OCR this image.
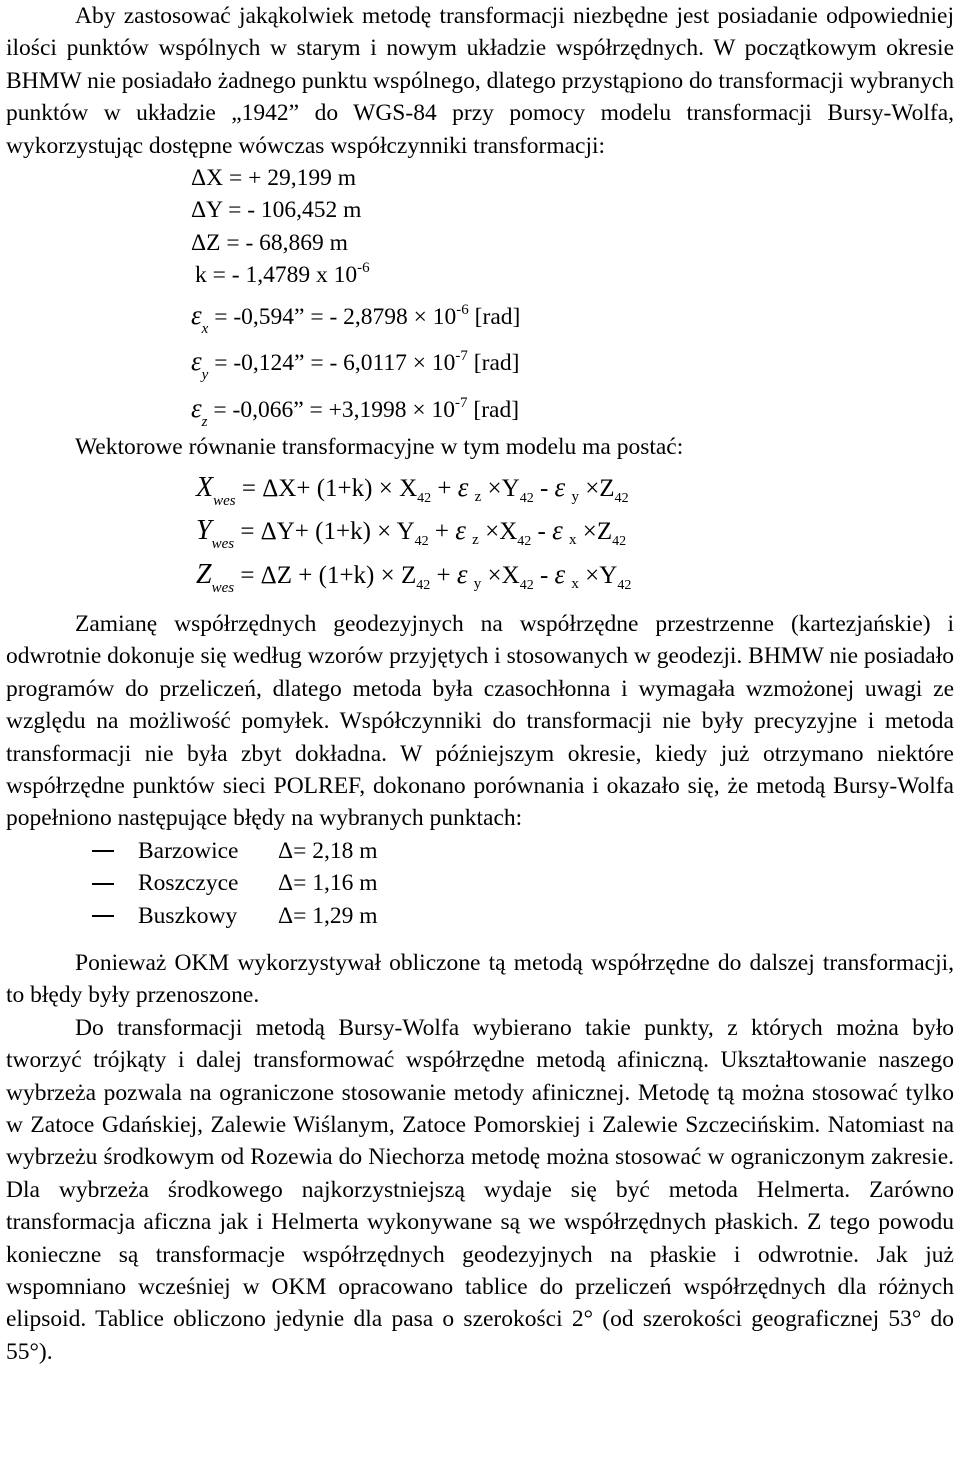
Aby zastosować jakąkolwiek metodę transformacji niezbędne jest posiadanie odpowiedniej ilości punktów wspólnych w starym i nowym układzie współrzędnych. W początkowym okresie BHMW nie posiadało żadnego punktu wspólnego, dlatego przystąpiono do transformacji wybranych punktów w układzie „1942” do WGS-84 przy pomocy modelu transformacji Bursy-Wolfa, wykorzystując dostępne wówczas współczynniki transformacji:

ΔX = + 29,199 m
ΔY = - 106,452 m
ΔZ = - 68,869 m
k = - 1,4789 x $10^{-6}$
$\varepsilon_x = -0,594$” = - $2,8798 \times 10^{-6}$ [rad]
$\varepsilon_y = -0,124$” = - $6,0117 \times 10^{-7}$ [rad]
$\varepsilon_z = -0,066$” = $+3,1998 \times 10^{-7}$ [rad]

Wektorowe równanie transformacyjne w tym modelu ma postać:

$X_{wes} = \Delta X+ (1+k) \times X_{42} + \varepsilon$ $_z \times Y_{42} - \varepsilon$ $_y \times Z_{42}$
$Y_{wes} = \Delta Y+ (1+k) \times Y_{42} + \varepsilon$ $_z \times X_{42} - \varepsilon$ $_x \times Z_{42}$
$Z_{wes} = \Delta Z + (1+k) \times Z_{42} + \varepsilon$ $_y \times X_{42} - \varepsilon$ $_x \times Y_{42}$

Zamianę współrzędnych geodezyjnych na współrzędne przestrzenne (kartezjańskie) i odwrotnie dokonuje się według wzorów przyjętych i stosowanych w geodezji. BHMW nie posiadało programów do przeliczeń, dlatego metoda była czasochłonna i wymagała wzmożonej uwagi ze względu na możliwość pomyłek. Współczynniki do transformacji nie były precyzyjne i metoda transformacji nie była zbyt dokładna. W późniejszym okresie, kiedy już otrzymano niektóre współrzędne punktów sieci POLREF, dokonano porównania i okazało się, że metodą Bursy-Wolfa popełniono następujące błędy na wybranych punktach:

Barzowice Δ= 2,18 m
Roszczyce Δ= 1,16 m
Buszkowy Δ= 1,29 m

Ponieważ OKM wykorzystywał obliczone tą metodą współrzędne do dalszej transformacji, to błędy były przenoszone.

Do transformacji metodą Bursy-Wolfa wybierano takie punkty, z których można było tworzyć trójkąty i dalej transformować współrzędne metodą afiniczną. Ukształtowanie naszego wybrzeża pozwala na ograniczone stosowanie metody afinicznej. Metodę tą można stosować tylko w Zatoce Gdańskiej, Zalewie Wiślanym, Zatoce Pomorskiej i Zalewie Szczecińskim. Natomiast na wybrzeżu środkowym od Rozewia do Niechorza metodę można stosować w ograniczonym zakresie. Dla wybrzeża środkowego najkorzystniejszą wydaje się być metoda Helmerta. Zarówno transformacja aficzna jak i Helmerta wykonywane są we współrzędnych płaskich. Z tego powodu konieczne są transformacje współrzędnych geodezyjnych na płaskie i odwrotnie. Jak już wspomniano wcześniej w OKM opracowano tablice do przeliczeń współrzędnych dla różnych elipsoid. Tablice obliczono jedynie dla pasa o szerokości 2° (od szerokości geograficznej 53° do 55°).
